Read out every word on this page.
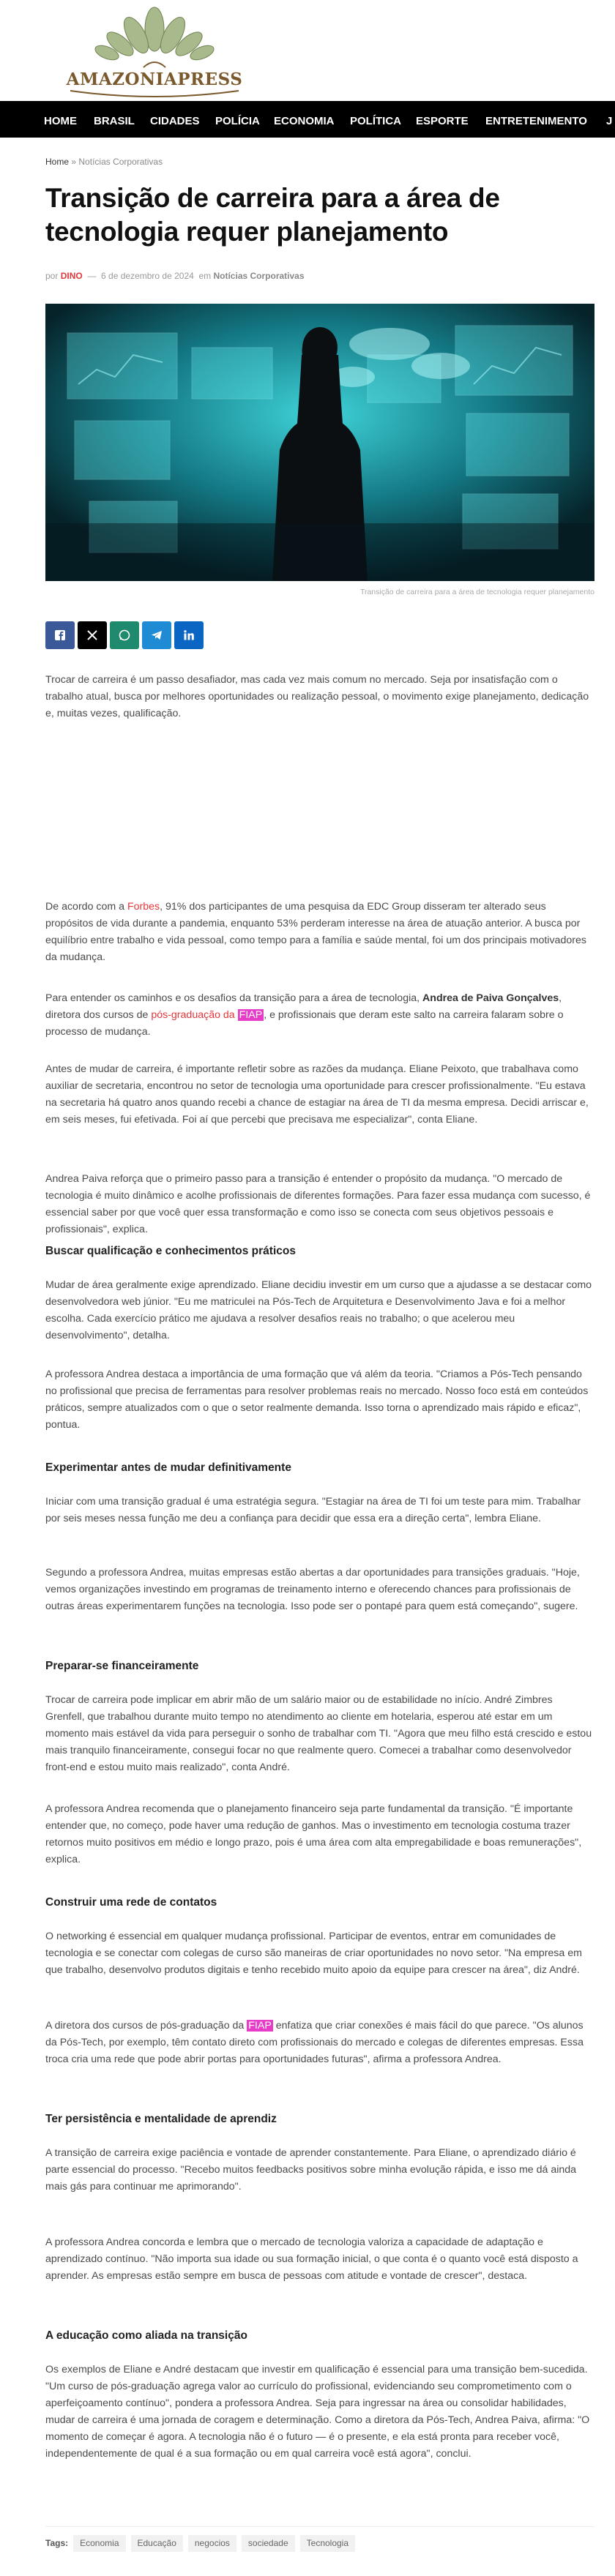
AMAZONIAPRESS
HOME BRASIL CIDADES POLÍCIA ECONOMIA POLÍTICA ESPORTE ENTRETENIMENTO J
Home » Notícias Corporativas
Transição de carreira para a área de tecnologia requer planejamento
por DINO — 6 de dezembro de 2024 em Notícias Corporativas
Transição de carreira para a área de tecnologia requer planejamento

Trocar de carreira é um passo desafiador, mas cada vez mais comum no mercado. Seja por insatisfação com o trabalho atual, busca por melhores oportunidades ou realização pessoal, o movimento exige planejamento, dedicação e, muitas vezes, qualificação.

De acordo com a Forbes, 91% dos participantes de uma pesquisa da EDC Group disseram ter alterado seus propósitos de vida durante a pandemia, enquanto 53% perderam interesse na área de atuação anterior. A busca por equilíbrio entre trabalho e vida pessoal, como tempo para a família e saúde mental, foi um dos principais motivadores da mudança.

Para entender os caminhos e os desafios da transição para a área de tecnologia, Andrea de Paiva Gonçalves, diretora dos cursos de pós-graduação da FIAP , e profissionais que deram este salto na carreira falaram sobre o processo de mudança.

Antes de mudar de carreira, é importante refletir sobre as razões da mudança. Eliane Peixoto, que trabalhava como auxiliar de secretaria, encontrou no setor de tecnologia uma oportunidade para crescer profissionalmente. "Eu estava na secretaria há quatro anos quando recebi a chance de estagiar na área de TI da mesma empresa. Decidi arriscar e, em seis meses, fui efetivada. Foi aí que percebi que precisava me especializar", conta Eliane.

Andrea Paiva reforça que o primeiro passo para a transição é entender o propósito da mudança. "O mercado de tecnologia é muito dinâmico e acolhe profissionais de diferentes formações. Para fazer essa mudança com sucesso, é essencial saber por que você quer essa transformação e como isso se conecta com seus objetivos pessoais e profissionais", explica.

Buscar qualificação e conhecimentos práticos

Mudar de área geralmente exige aprendizado. Eliane decidiu investir em um curso que a ajudasse a se destacar como desenvolvedora web júnior. "Eu me matriculei na Pós-Tech de Arquitetura e Desenvolvimento Java e foi a melhor escolha. Cada exercício prático me ajudava a resolver desafios reais no trabalho; o que acelerou meu desenvolvimento", detalha.

A professora Andrea destaca a importância de uma formação que vá além da teoria. "Criamos a Pós-Tech pensando no profissional que precisa de ferramentas para resolver problemas reais no mercado. Nosso foco está em conteúdos práticos, sempre atualizados com o que o setor realmente demanda. Isso torna o aprendizado mais rápido e eficaz", pontua.

Experimentar antes de mudar definitivamente

Iniciar com uma transição gradual é uma estratégia segura. "Estagiar na área de TI foi um teste para mim. Trabalhar por seis meses nessa função me deu a confiança para decidir que essa era a direção certa", lembra Eliane.

Segundo a professora Andrea, muitas empresas estão abertas a dar oportunidades para transições graduais. "Hoje, vemos organizações investindo em programas de treinamento interno e oferecendo chances para profissionais de outras áreas experimentarem funções na tecnologia. Isso pode ser o pontapé para quem está começando", sugere.

Preparar-se financeiramente

Trocar de carreira pode implicar em abrir mão de um salário maior ou de estabilidade no início. André Zimbres Grenfell, que trabalhou durante muito tempo no atendimento ao cliente em hotelaria, esperou até estar em um momento mais estável da vida para perseguir o sonho de trabalhar com TI. "Agora que meu filho está crescido e estou mais tranquilo financeiramente, consegui focar no que realmente quero. Comecei a trabalhar como desenvolvedor front-end e estou muito mais realizado", conta André.

A professora Andrea recomenda que o planejamento financeiro seja parte fundamental da transição. "É importante entender que, no começo, pode haver uma redução de ganhos. Mas o investimento em tecnologia costuma trazer retornos muito positivos em médio e longo prazo, pois é uma área com alta empregabilidade e boas remunerações", explica.

Construir uma rede de contatos

O networking é essencial em qualquer mudança profissional. Participar de eventos, entrar em comunidades de tecnologia e se conectar com colegas de curso são maneiras de criar oportunidades no novo setor. "Na empresa em que trabalho, desenvolvo produtos digitais e tenho recebido muito apoio da equipe para crescer na área", diz André.

A diretora dos cursos de pós-graduação da FIAP enfatiza que criar conexões é mais fácil do que parece. "Os alunos da Pós-Tech, por exemplo, têm contato direto com profissionais do mercado e colegas de diferentes empresas. Essa troca cria uma rede que pode abrir portas para oportunidades futuras", afirma a professora Andrea.

Ter persistência e mentalidade de aprendiz

A transição de carreira exige paciência e vontade de aprender constantemente. Para Eliane, o aprendizado diário é parte essencial do processo. "Recebo muitos feedbacks positivos sobre minha evolução rápida, e isso me dá ainda mais gás para continuar me aprimorando".

A professora Andrea concorda e lembra que o mercado de tecnologia valoriza a capacidade de adaptação e aprendizado contínuo. "Não importa sua idade ou sua formação inicial, o que conta é o quanto você está disposto a aprender. As empresas estão sempre em busca de pessoas com atitude e vontade de crescer", destaca.

A educação como aliada na transição

Os exemplos de Eliane e André destacam que investir em qualificação é essencial para uma transição bem-sucedida. "Um curso de pós-graduação agrega valor ao currículo do profissional, evidenciando seu comprometimento com o aperfeiçoamento contínuo", pondera a professora Andrea. Seja para ingressar na área ou consolidar habilidades, mudar de carreira é uma jornada de coragem e determinação. Como a diretora da Pós-Tech, Andrea Paiva, afirma: "O momento de começar é agora. A tecnologia não é o futuro — é o presente, e ela está pronta para receber você, independentemente de qual é a sua formação ou em qual carreira você está agora", conclui.

Tags:	Economia	Educação	negocios	sociedade	Tecnologia
